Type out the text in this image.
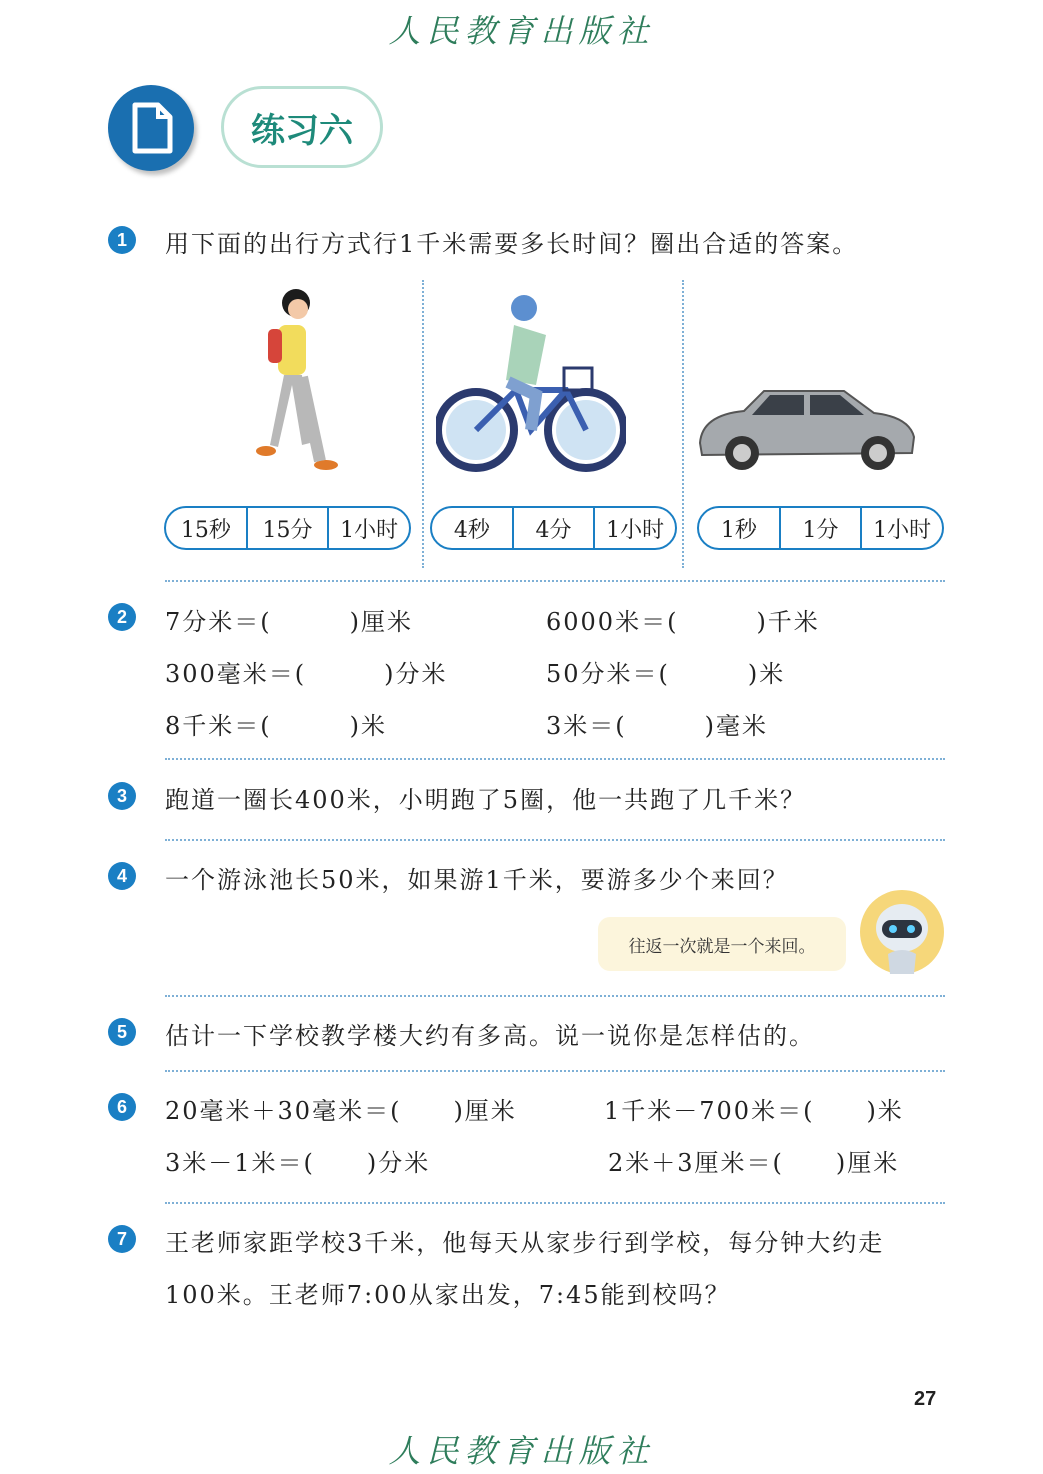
人民教育出版社
练习六
1	用下面的出行方式行1千米需要多长时间？圈出合适的答案。
15秒	15分	1小时	4秒	4分	1小时	1秒	1分	1小时
2	7分米＝(　　　)厘米	6000米＝(　　　)千米
300毫米＝(　　　)分米	50分米＝(　　　)米
8千米＝(　　　)米	3米＝(　　　)毫米
3	跑道一圈长400米，小明跑了5圈，他一共跑了几千米？
4	一个游泳池长50米，如果游1千米，要游多少个来回？
往返一次就是一个来回。
5	估计一下学校教学楼大约有多高。说一说你是怎样估的。
6	20毫米＋30毫米＝(　　)厘米	1千米－700米＝(　　)米
3米－1米＝(　　)分米	2米＋3厘米＝(　　)厘米
7	王老师家距学校3千米，他每天从家步行到学校，每分钟大约走
100米。王老师7:00从家出发，7:45能到校吗？
27
人民教育出版社
